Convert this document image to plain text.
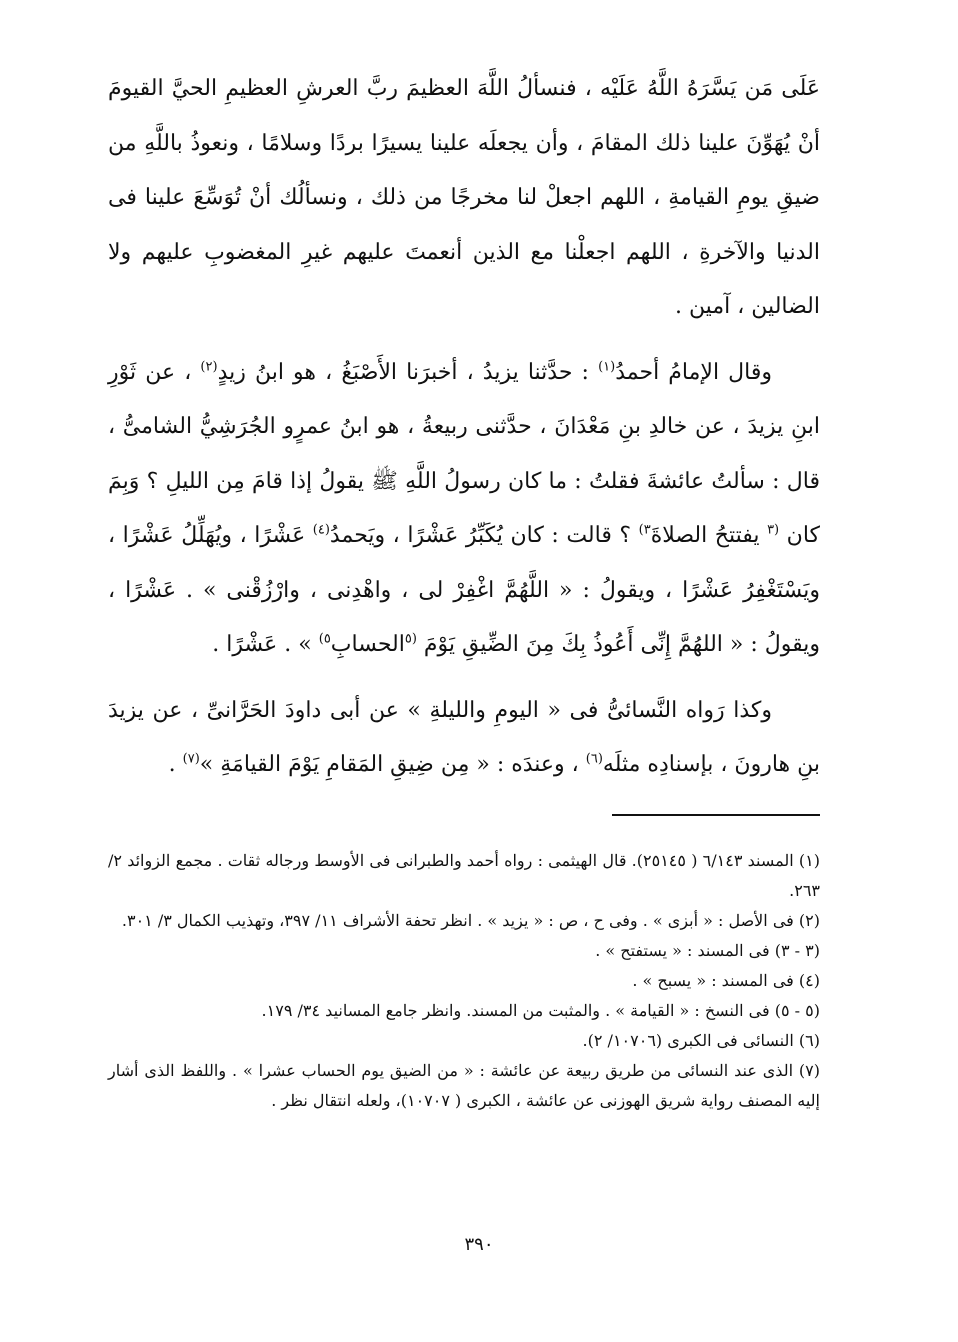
عَلَى مَن يَسَّرَهُ اللَّهُ عَلَيْه ، فنسألُ اللَّهَ العظيمَ ربَّ العرشِ العظيمِ الحيَّ القيومَ أنْ يُهَوِّنَ علينا ذلك المقامَ ، وأن يجعلَه علينا يسيرًا بردًا وسلامًا ، ونعوذُ باللَّهِ من ضيقِ يومِ القيامةِ ، اللهم اجعلْ لنا مخرجًا من ذلك ، ونسألُك أنْ تُوَسِّعَ علينا فى الدنيا والآخرةِ ، اللهم اجعلْنا مع الذين أنعمتَ عليهم غيرِ المغضوبِ عليهم ولا الضالين ، آمين .

وقال الإمامُ أحمدُ$^{(١)}$ : حدَّثنا يزيدُ ، أخبرَنا الأَصْبَغُ ، هو ابنُ زيدٍ$^{(٢)}$ ، عن ثَوْرِ ابنِ يزيدَ ، عن خالدِ بنِ مَعْدَانَ ، حدَّثنى ربيعةُ ، هو ابنُ عمرٍو الجُرَشِيُّ الشامىُّ ، قال : سألتُ عائشةَ فقلتُ : ما كان رسولُ اللَّهِ ﷺ يقولُ إذا قامَ مِن الليلِ ؟ وَبِمَ كان $^{(٣}$ يفتتحُ الصلاةَ$^{٣)}$ ؟ قالت : كان يُكَبِّرُ عَشْرًا ، ويَحمدُ$^{(٤)}$ عَشْرًا ، ويُهَلِّلُ عَشْرًا ، ويَسْتَغْفِرُ عَشْرًا ، ويقولُ : « اللَّهُمَّ اغْفِرْ لى ، واهْدِنى ، وارْزُقْنى » . عَشْرًا ، ويقولُ : « اللهُمَّ إِنِّى أَعُوذُ بِكَ مِنَ الضِّيقِ يَوْمَ $^{(٥}$الحسابِ$^{٥)}$ » . عَشْرًا .

وكذا رَواه النَّسائىُّ فى « اليومِ والليلةِ » عن أبى داودَ الحَرَّانىِّ ، عن يزيدَ بنِ هارونَ ، بإسنادِه مثلَه$^{(٦)}$ ، وعندَه : « مِن ضِيقِ المَقامِ يَوْمَ القيامَةِ »$^{(٧)}$ .

(١) المسند ٦/١٤٣ ( ٢٥١٤٥). قال الهيثمى : رواه أحمد والطبرانى فى الأوسط ورجاله ثقات . مجمع الزوائد ٢/ ٢٦٣.

(٢) فى الأصل : « أبزى » . وفى ح ، ص : « يزيد » . انظر تحفة الأشراف ١١/ ٣٩٧، وتهذيب الكمال ٣/ ٣٠١.

(٣ - ٣) فى المسند : « يستفتح » .

(٤) فى المسند : « يسبح » .

(٥ - ٥) فى النسخ : « القيامة » . والمثبت من المسند. وانظر جامع المسانيد ٣٤/ ١٧٩.

(٦) النسائى فى الكبرى (١٠٧٠٦/ ٢).

(٧) الذى عند النسائى من طريق ربيعة عن عائشة : « من الضيق يوم الحساب عشرا » . واللفظ الذى أشار إليه المصنف رواية شريق الهوزنى عن عائشة ، الكبرى ( ١٠٧٠٧)، ولعله انتقال نظر .

٣٩٠
